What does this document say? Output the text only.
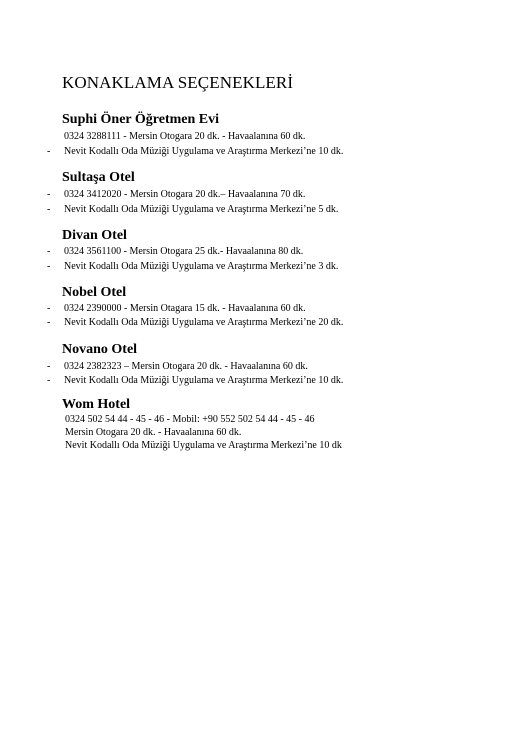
KONAKLAMA SEÇENEKLERİ
Suphi Öner Öğretmen Evi
0324 3288111 - Mersin Otogara 20 dk. - Havaalanına 60 dk.
- Nevit Kodallı Oda Müziği Uygulama ve Araştırma Merkezi’ne 10 dk.
Sultaşa Otel
- 0324 3412020 - Mersin Otogara 20 dk.– Havaalanına 70 dk.
- Nevit Kodallı Oda Müziği Uygulama ve Araştırma Merkezi’ne 5 dk.
Divan Otel
- 0324 3561100 - Mersin Otogara 25 dk.- Havaalanına 80 dk.
- Nevit Kodallı Oda Müziği Uygulama ve Araştırma Merkezi’ne 3 dk.
Nobel Otel
- 0324 2390000 - Mersin Otagara 15 dk. - Havaalanına 60 dk.
- Nevit Kodallı Oda Müziği Uygulama ve Araştırma Merkezi’ne 20 dk.
Novano Otel
- 0324 2382323 – Mersin Otogara 20 dk. - Havaalanına 60 dk.
- Nevit Kodallı Oda Müziği Uygulama ve Araştırma Merkezi’ne 10 dk.
Wom Hotel
0324 502 54 44 - 45 - 46 - Mobil: +90 552 502 54 44 - 45 - 46
Mersin Otogara 20 dk. - Havaalanına 60 dk.
Nevit Kodallı Oda Müziği Uygulama ve Araştırma Merkezi’ne 10 dk
